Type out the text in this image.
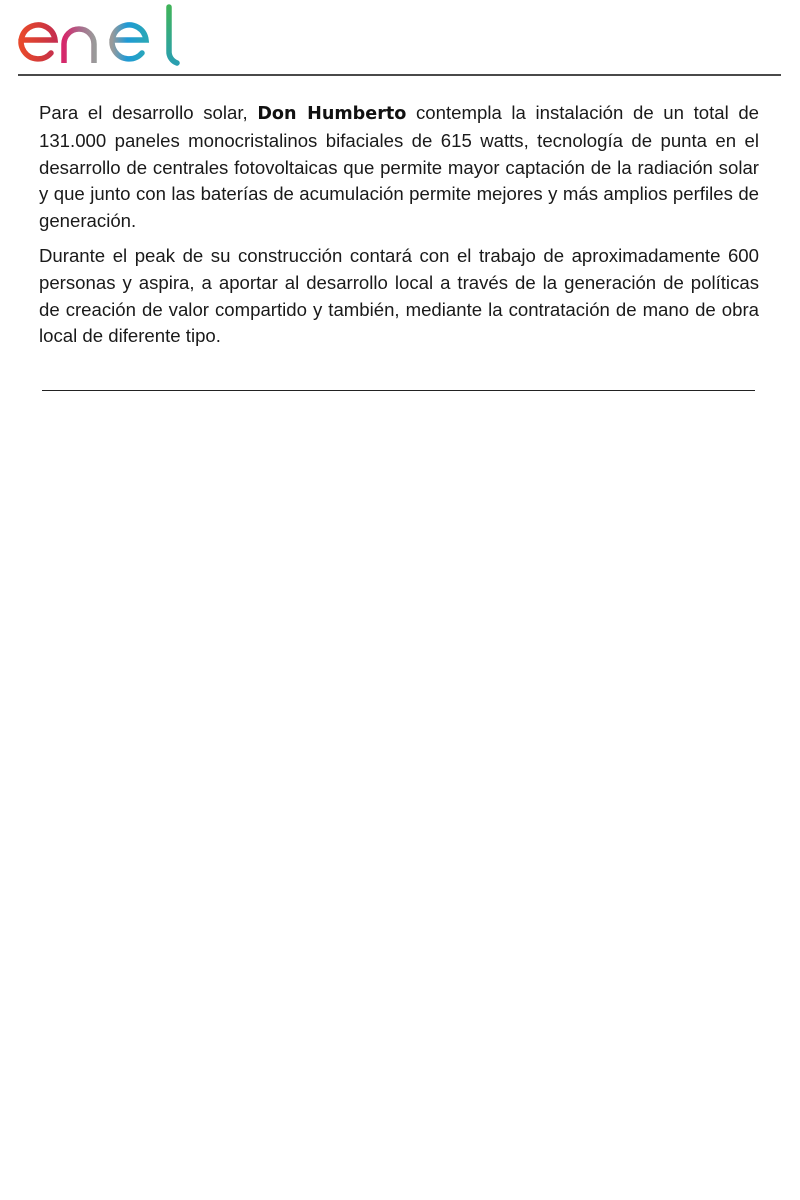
Para el desarrollo solar, Don Humberto contempla la instalación de un total de 131.000 paneles monocristalinos bifaciales de 615 watts, tecnología de punta en el desarrollo de centrales fotovoltaicas que permite mayor captación de la radiación solar y que junto con las baterías de acumulación permite mejores y más amplios perfiles de generación.

Durante el peak de su construcción contará con el trabajo de aproximadamente 600 personas y aspira, a aportar al desarrollo local a través de la generación de políticas de creación de valor compartido y también, mediante la contratación de mano de obra local de diferente tipo.
